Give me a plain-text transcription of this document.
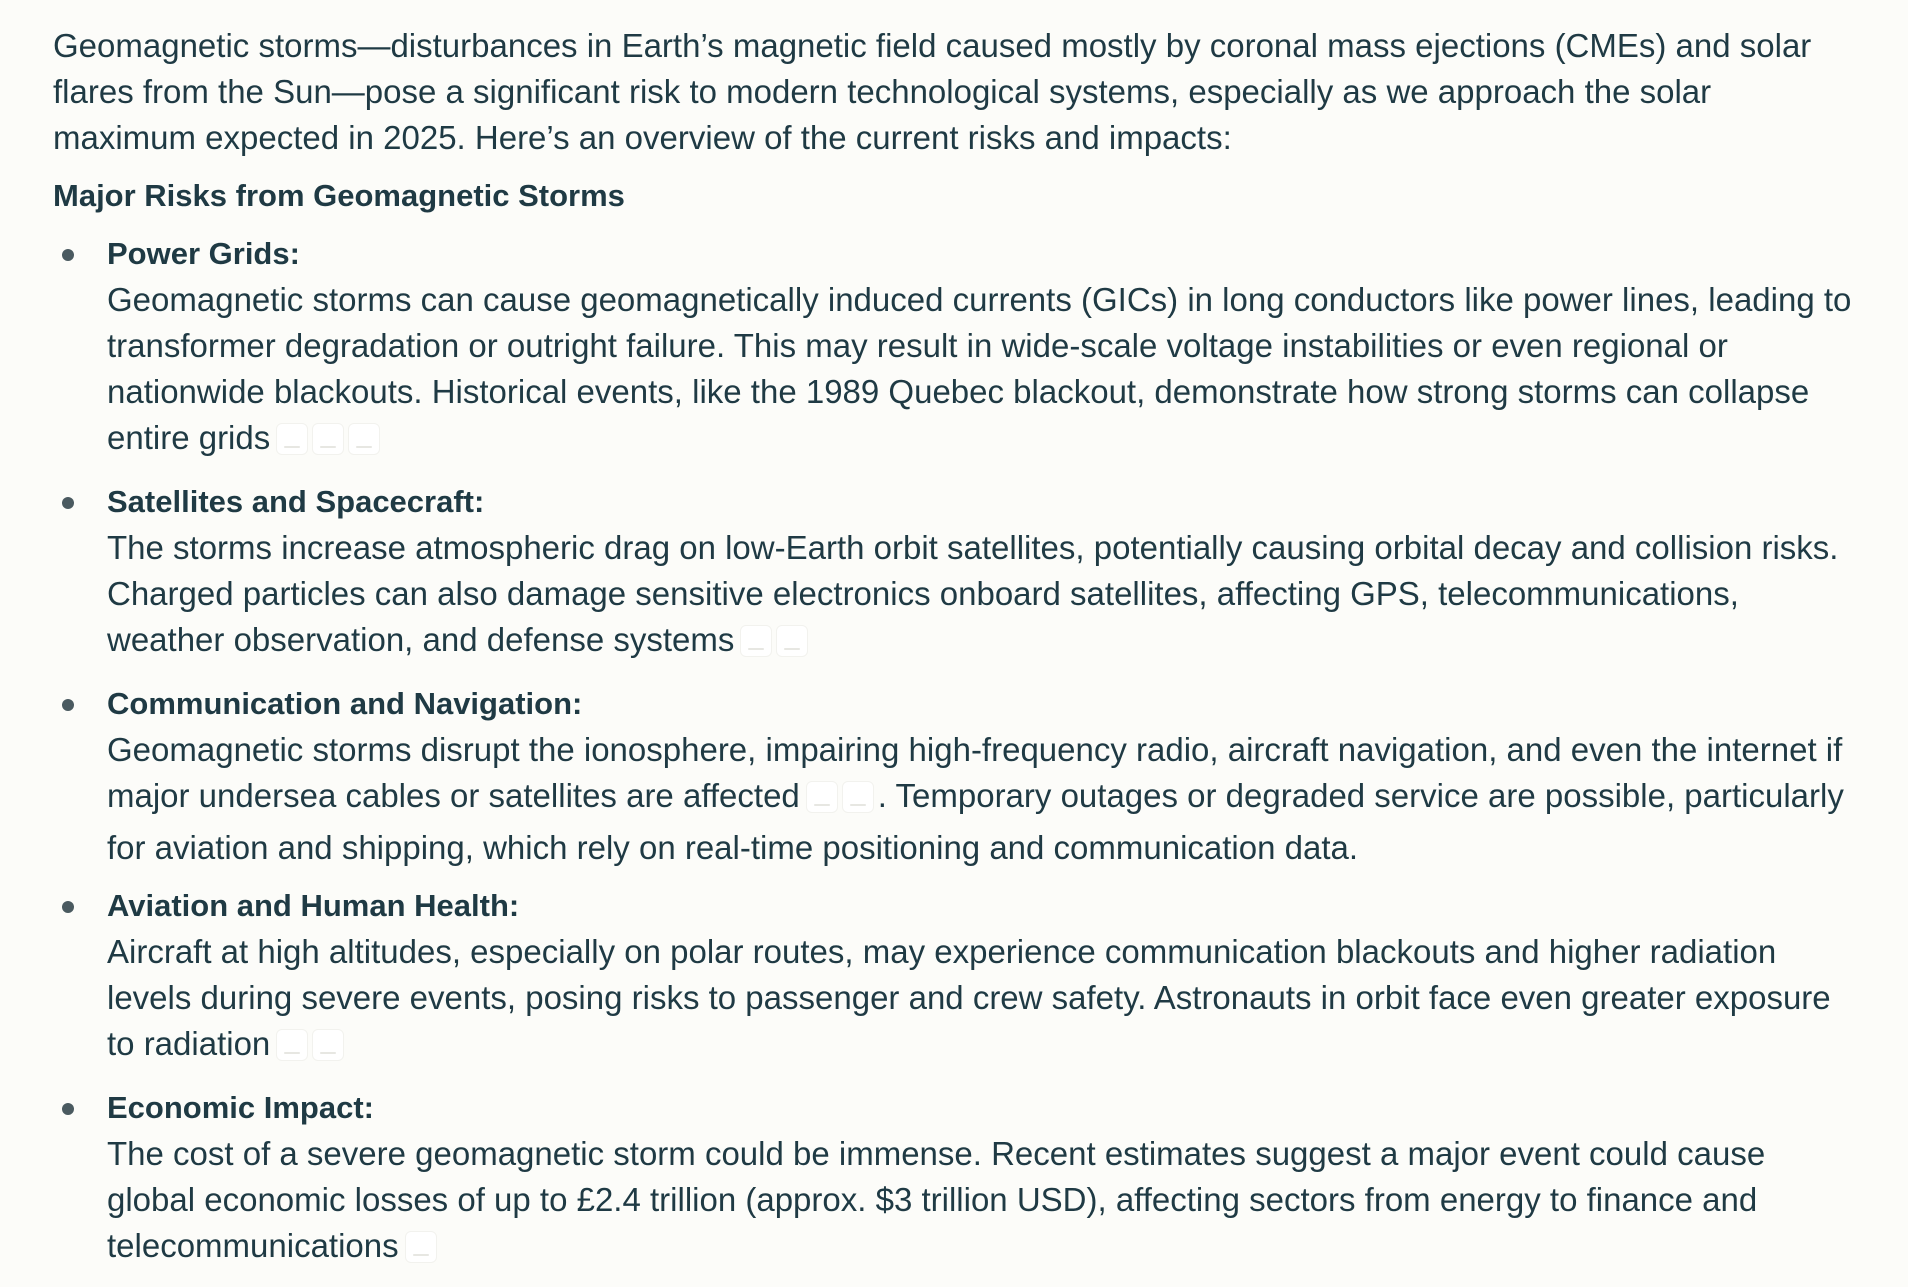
Geomagnetic storms—disturbances in Earth’s magnetic field caused mostly by coronal mass ejections (CMEs) and solar flares from the Sun—pose a significant risk to modern technological systems, especially as we approach the solar maximum expected in 2025. Here’s an overview of the current risks and impacts:

Major Risks from Geomagnetic Storms
Power Grids:
Geomagnetic storms can cause geomagnetically induced currents (GICs) in long conductors like power lines, leading to transformer degradation or outright failure. This may result in wide-scale voltage instabilities or even regional or nationwide blackouts. Historical events, like the 1989 Quebec blackout, demonstrate how strong storms can collapse entire grids
Satellites and Spacecraft:
The storms increase atmospheric drag on low-Earth orbit satellites, potentially causing orbital decay and collision risks. Charged particles can also damage sensitive electronics onboard satellites, affecting GPS, telecommunications, weather observation, and defense systems
Communication and Navigation:
Geomagnetic storms disrupt the ionosphere, impairing high-frequency radio, aircraft navigation, and even the internet if major undersea cables or satellites are affected . Temporary outages or degraded service are possible, particularly for aviation and shipping, which rely on real-time positioning and communication data.
Aviation and Human Health:
Aircraft at high altitudes, especially on polar routes, may experience communication blackouts and higher radiation levels during severe events, posing risks to passenger and crew safety. Astronauts in orbit face even greater exposure to radiation
Economic Impact:
The cost of a severe geomagnetic storm could be immense. Recent estimates suggest a major event could cause global economic losses of up to £2.4 trillion (approx. $3 trillion USD), affecting sectors from energy to finance and telecommunications
